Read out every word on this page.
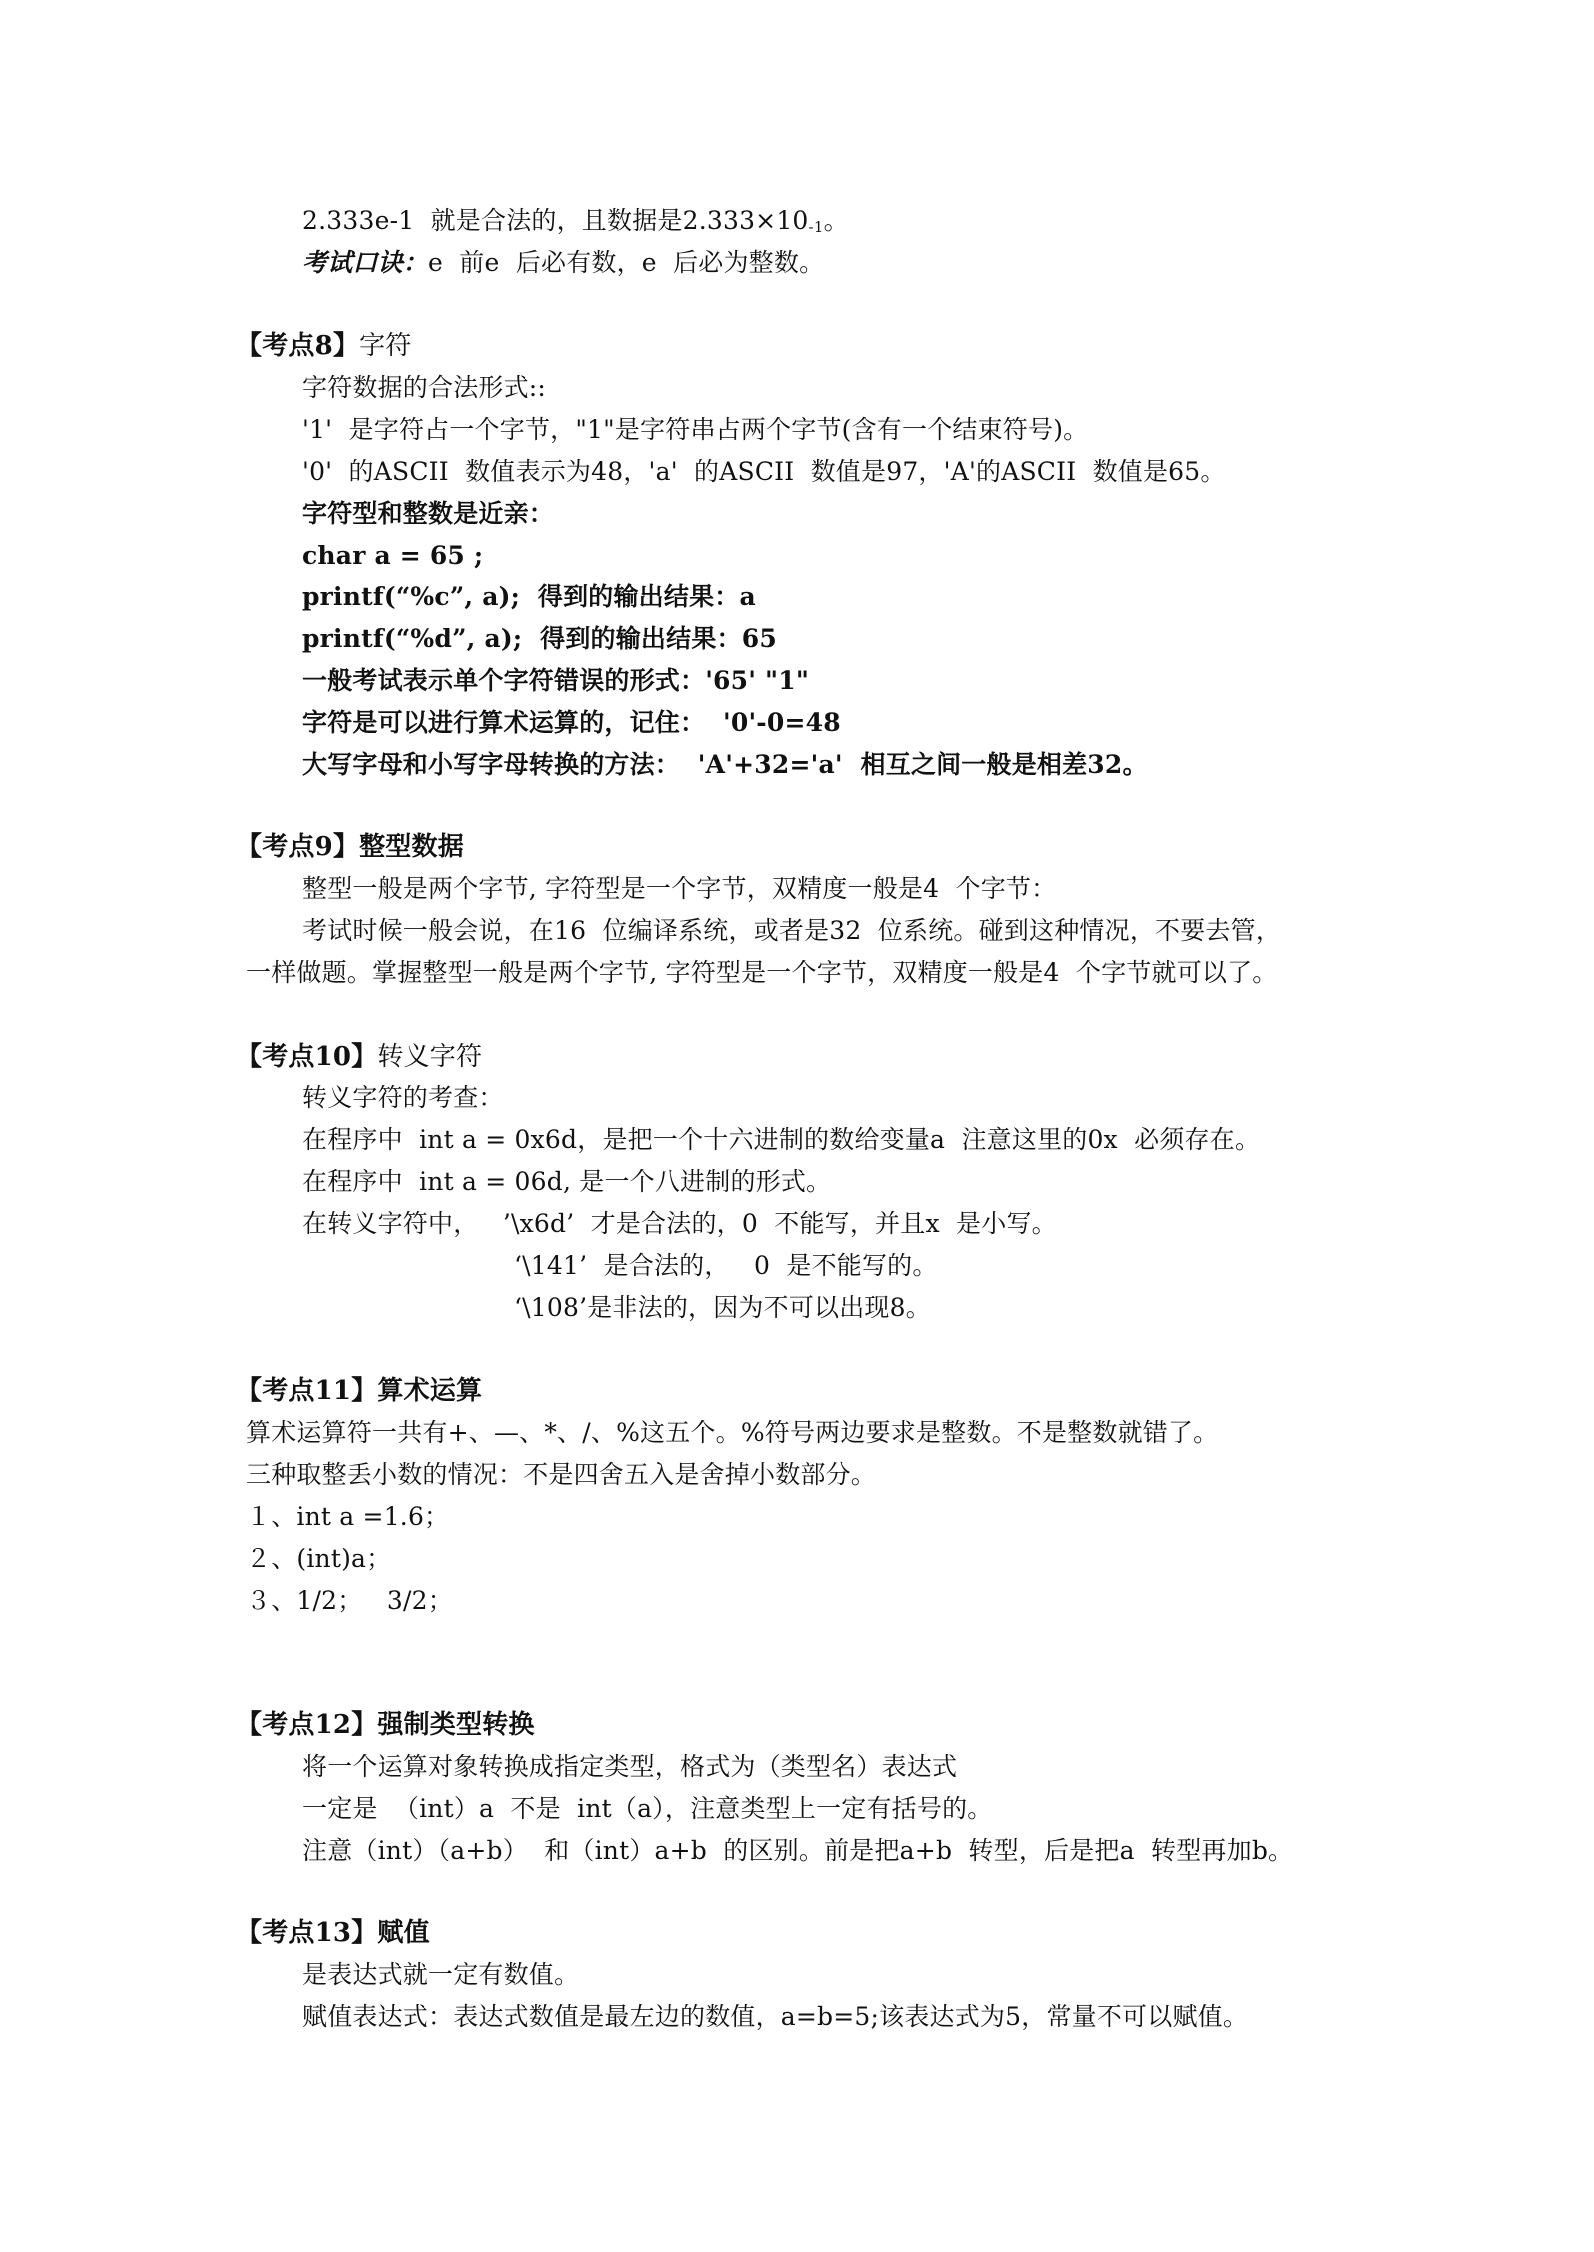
2.333e-1  就是合法的，且数据是$2.333\times 10_{-1}$。
考试口诀：e  前e  后必有数，e  后必为整数。
【考点8】字符
字符数据的合法形式::
'1'  是字符占一个字节，"1"是字符串占两个字节(含有一个结束符号)。
'0'  的ASCII  数值表示为48，'a'  的ASCII  数值是97，'A'的ASCII  数值是65。
字符型和整数是近亲：
char a = 65 ;
printf(“%c”, a);  得到的输出结果：a
printf(“%d”, a);  得到的输出结果：65
一般考试表示单个字符错误的形式：'65' "1"
字符是可以进行算术运算的，记住：  '0'-0=48
大写字母和小写字母转换的方法：  'A'+32='a'  相互之间一般是相差32。
【考点9】整型数据
整型一般是两个字节, 字符型是一个字节，双精度一般是4  个字节：
考试时候一般会说，在16  位编译系统，或者是32  位系统。碰到这种情况，不要去管，
一样做题。掌握整型一般是两个字节, 字符型是一个字节，双精度一般是4  个字节就可以了。
【考点10】转义字符
转义字符的考查：
在程序中  int a = 0x6d，是把一个十六进制的数给变量a  注意这里的0x  必须存在。
在程序中  int a = 06d, 是一个八进制的形式。
在转义字符中，   ’\x6d’  才是合法的，0  不能写，并且x  是小写。
‘\141’  是合法的，   0  是不能写的。
‘\108’是非法的，因为不可以出现8。
【考点11】算术运算
算术运算符一共有+、—、*、/、%这五个。%符号两边要求是整数。不是整数就错了。
三种取整丢小数的情况：不是四舍五入是舍掉小数部分。
１、int a =1.6；
２、(int)a；
３、1/2；   3/2；
【考点12】强制类型转换
将一个运算对象转换成指定类型，格式为（类型名）表达式
一定是  （int）a  不是  int（a），注意类型上一定有括号的。
注意（int）（a+b）  和（int）a+b  的区别。前是把a+b  转型，后是把a  转型再加b。
【考点13】赋值
是表达式就一定有数值。
赋值表达式：表达式数值是最左边的数值，a=b=5;该表达式为5，常量不可以赋值。
